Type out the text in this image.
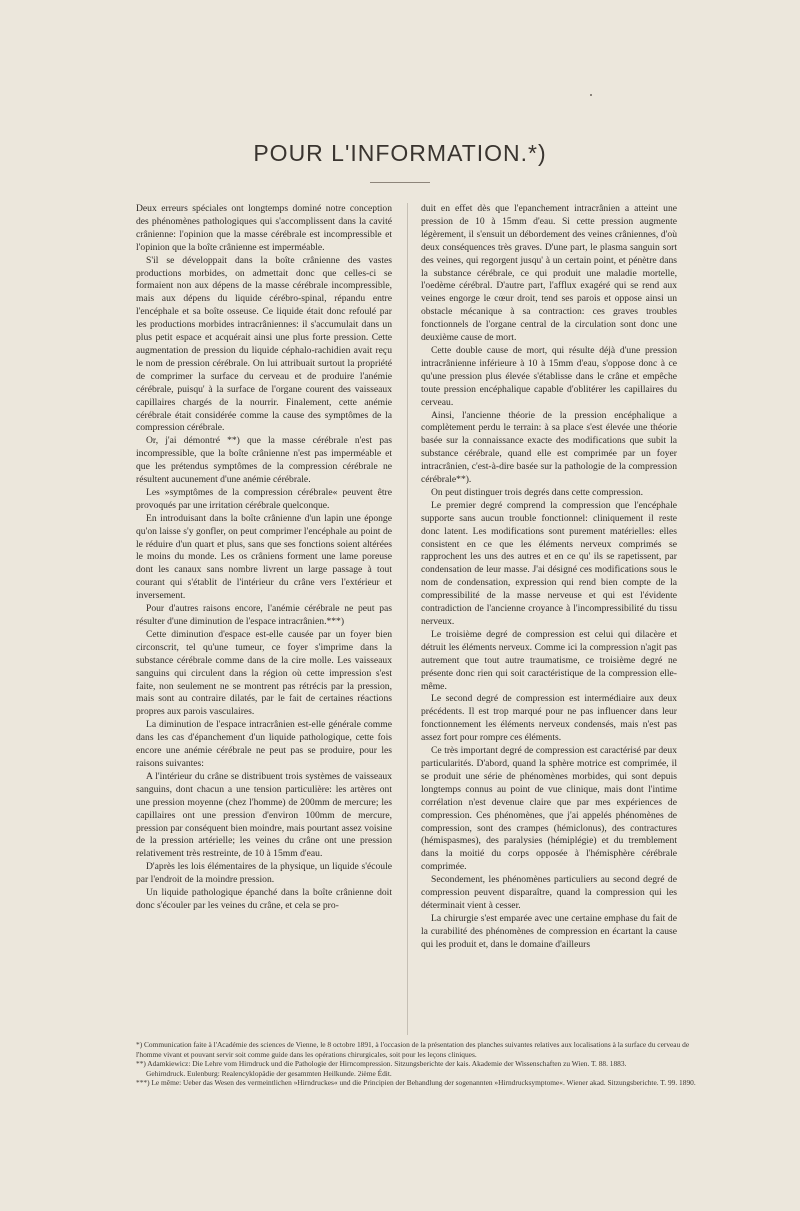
POUR L'INFORMATION.*)

Deux erreurs spéciales ont longtemps dominé notre conception des phénomènes pathologiques qui s'accomplissent dans la cavité crânienne: l'opinion que la masse cérébrale est incompressible et l'opinion que la boîte crânienne est imperméable.

S'il se développait dans la boîte crânienne des vastes productions morbides, on admettait donc que celles-ci se formaient non aux dépens de la masse cérébrale incompressible, mais aux dépens du liquide cérébro-spinal, répandu entre l'encéphale et sa boîte osseuse. Ce liquide était donc refoulé par les productions morbides intracrâniennes: il s'accumulait dans un plus petit espace et acquérait ainsi une plus forte pression. Cette augmentation de pression du liquide céphalo-rachidien avait reçu le nom de pression cérébrale. On lui attribuait surtout la propriété de comprimer la surface du cerveau et de produire l'anémie cérébrale, puisqu' à la surface de l'organe courent des vaisseaux capillaires chargés de la nourrir. Finalement, cette anémie cérébrale était considérée comme la cause des symptômes de la compression cérébrale.

Or, j'ai démontré **) que la masse cérébrale n'est pas incompressible, que la boîte crânienne n'est pas imperméable et que les prétendus symptômes de la compression cérébrale ne résultent aucunement d'une anémie cérébrale.

Les »symptômes de la compression cérébrale« peuvent être provoqués par une irritation cérébrale quelconque.

En introduisant dans la boîte crânienne d'un lapin une éponge qu'on laisse s'y gonfler, on peut comprimer l'encéphale au point de le réduire d'un quart et plus, sans que ses fonctions soient altérées le moins du monde. Les os crâniens forment une lame poreuse dont les canaux sans nombre livrent un large passage à tout courant qui s'établit de l'intérieur du crâne vers l'extérieur et inversement.

Pour d'autres raisons encore, l'anémie cérébrale ne peut pas résulter d'une diminution de l'espace intracrânien.***)

Cette diminution d'espace est-elle causée par un foyer bien circonscrit, tel qu'une tumeur, ce foyer s'imprime dans la substance cérébrale comme dans de la cire molle. Les vaisseaux sanguins qui circulent dans la région où cette impression s'est faite, non seulement ne se montrent pas rétrécis par la pression, mais sont au contraire dilatés, par le fait de certaines réactions propres aux parois vasculaires.

La diminution de l'espace intracrânien est-elle générale comme dans les cas d'épanchement d'un liquide pathologique, cette fois encore une anémie cérébrale ne peut pas se produire, pour les raisons suivantes:

A l'intérieur du crâne se distribuent trois systèmes de vaisseaux sanguins, dont chacun a une tension particulière: les artères ont une pression moyenne (chez l'homme) de 200mm de mercure; les capillaires ont une pression d'environ 100mm de mercure, pression par conséquent bien moindre, mais pourtant assez voisine de la pression artérielle; les veines du crâne ont une pression relativement très restreinte, de 10 à 15mm d'eau.

D'après les lois élémentaires de la physique, un liquide s'écoule par l'endroit de la moindre pression.

Un liquide pathologique épanché dans la boîte crânienne doit donc s'écouler par les veines du crâne, et cela se pro-

duit en effet dès que l'epanchement intracrânien a atteint une pression de 10 à 15mm d'eau. Si cette pression augmente légèrement, il s'ensuit un débordement des veines crâniennes, d'où deux conséquences très graves. D'une part, le plasma sanguin sort des veines, qui regorgent jusqu' à un certain point, et pénètre dans la substance cérébrale, ce qui produit une maladie mortelle, l'oedème cérébral. D'autre part, l'afflux exagéré qui se rend aux veines engorge le cœur droit, tend ses parois et oppose ainsi un obstacle mécanique à sa contraction: ces graves troubles fonctionnels de l'organe central de la circulation sont donc une deuxième cause de mort.

Cette double cause de mort, qui résulte déjà d'une pression intracrânienne inférieure à 10 à 15mm d'eau, s'oppose donc à ce qu'une pression plus élevée s'établisse dans le crâne et empêche toute pression encéphalique capable d'oblitérer les capillaires du cerveau.

Ainsi, l'ancienne théorie de la pression encéphalique a complètement perdu le terrain: à sa place s'est élevée une théorie basée sur la connaissance exacte des modifications que subit la substance cérébrale, quand elle est comprimée par un foyer intracrânien, c'est-à-dire basée sur la pathologie de la compression cérébrale**).

On peut distinguer trois degrés dans cette compression.

Le premier degré comprend la compression que l'encéphale supporte sans aucun trouble fonctionnel: cliniquement il reste donc latent. Les modifications sont purement matérielles: elles consistent en ce que les éléments nerveux comprimés se rapprochent les uns des autres et en ce qu' ils se rapetissent, par condensation de leur masse. J'ai désigné ces modifications sous le nom de condensation, expression qui rend bien compte de la compressibilité de la masse nerveuse et qui est l'évidente contradiction de l'ancienne croyance à l'incompressibilité du tissu nerveux.

Le troisième degré de compression est celui qui dilacère et détruit les éléments nerveux. Comme ici la compression n'agit pas autrement que tout autre traumatisme, ce troisième degré ne présente donc rien qui soit caractéristique de la compression elle-même.

Le second degré de compression est intermédiaire aux deux précédents. Il est trop marqué pour ne pas influencer dans leur fonctionnement les éléments nerveux condensés, mais n'est pas assez fort pour rompre ces éléments.

Ce très important degré de compression est caractérisé par deux particularités. D'abord, quand la sphère motrice est comprimée, il se produit une série de phénomènes morbides, qui sont depuis longtemps connus au point de vue clinique, mais dont l'intime corrélation n'est devenue claire que par mes expériences de compression. Ces phénomènes, que j'ai appelés phénomènes de compression, sont des crampes (hémiclonus), des contractures (hémispasmes), des paralysies (hémiplégie) et du tremblement dans la moitié du corps opposée à l'hémisphère cérébrale comprimée.

Secondement, les phénomènes particuliers au second degré de compression peuvent disparaître, quand la compression qui les déterminait vient à cesser.

La chirurgie s'est emparée avec une certaine emphase du fait de la curabilité des phénomènes de compression en écartant la cause qui les produit et, dans le domaine d'ailleurs

*) Communication faite à l'Académie des sciences de Vienne, le 8 octobre 1891, à l'occasion de la présentation des planches suivantes relatives aux localisations à la surface du cerveau de l'homme vivant et pouvant servir soit comme guide dans les opérations chirurgicales, soit pour les leçons cliniques.

**) Adamkiewicz: Die Lehre vom Hirndruck und die Pathologie der Hirncompression. Sitzungsberichte der kais. Akademie der Wissenschaften zu Wien. T. 88. 1883.

Gehirndruck. Eulenburg: Realencyklopädie der gesammten Heilkunde. 2ième Édit.

***) Le même: Ueber das Wesen des vermeintlichen »Hirndruckes« und die Principien der Behandlung der sogenannten »Hirndrucksymptome«. Wiener akad. Sitzungsberichte. T. 99. 1890.
